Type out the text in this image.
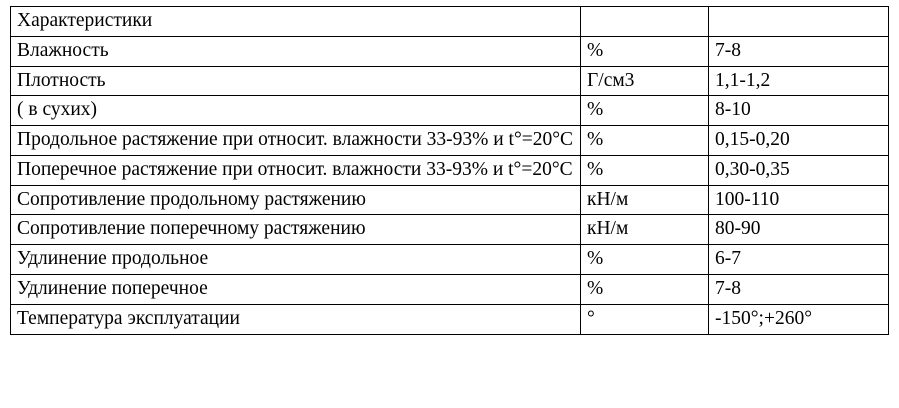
Характеристики		
Влажность	%	7-8
Плотность	Г/см3	1,1-1,2
( в сухих)	%	8-10
Продольное растяжение при относит. влажности 33-93% и t°=20°C	%	0,15-0,20
Поперечное растяжение при относит. влажности 33-93% и t°=20°C	%	0,30-0,35
Сопротивление продольному растяжению	кН/м	100-110
Сопротивление поперечному растяжению	кН/м	80-90
Удлинение продольное	%	6-7
Удлинение поперечное	%	7-8
Температура эксплуатации	°	-150°;+260°
